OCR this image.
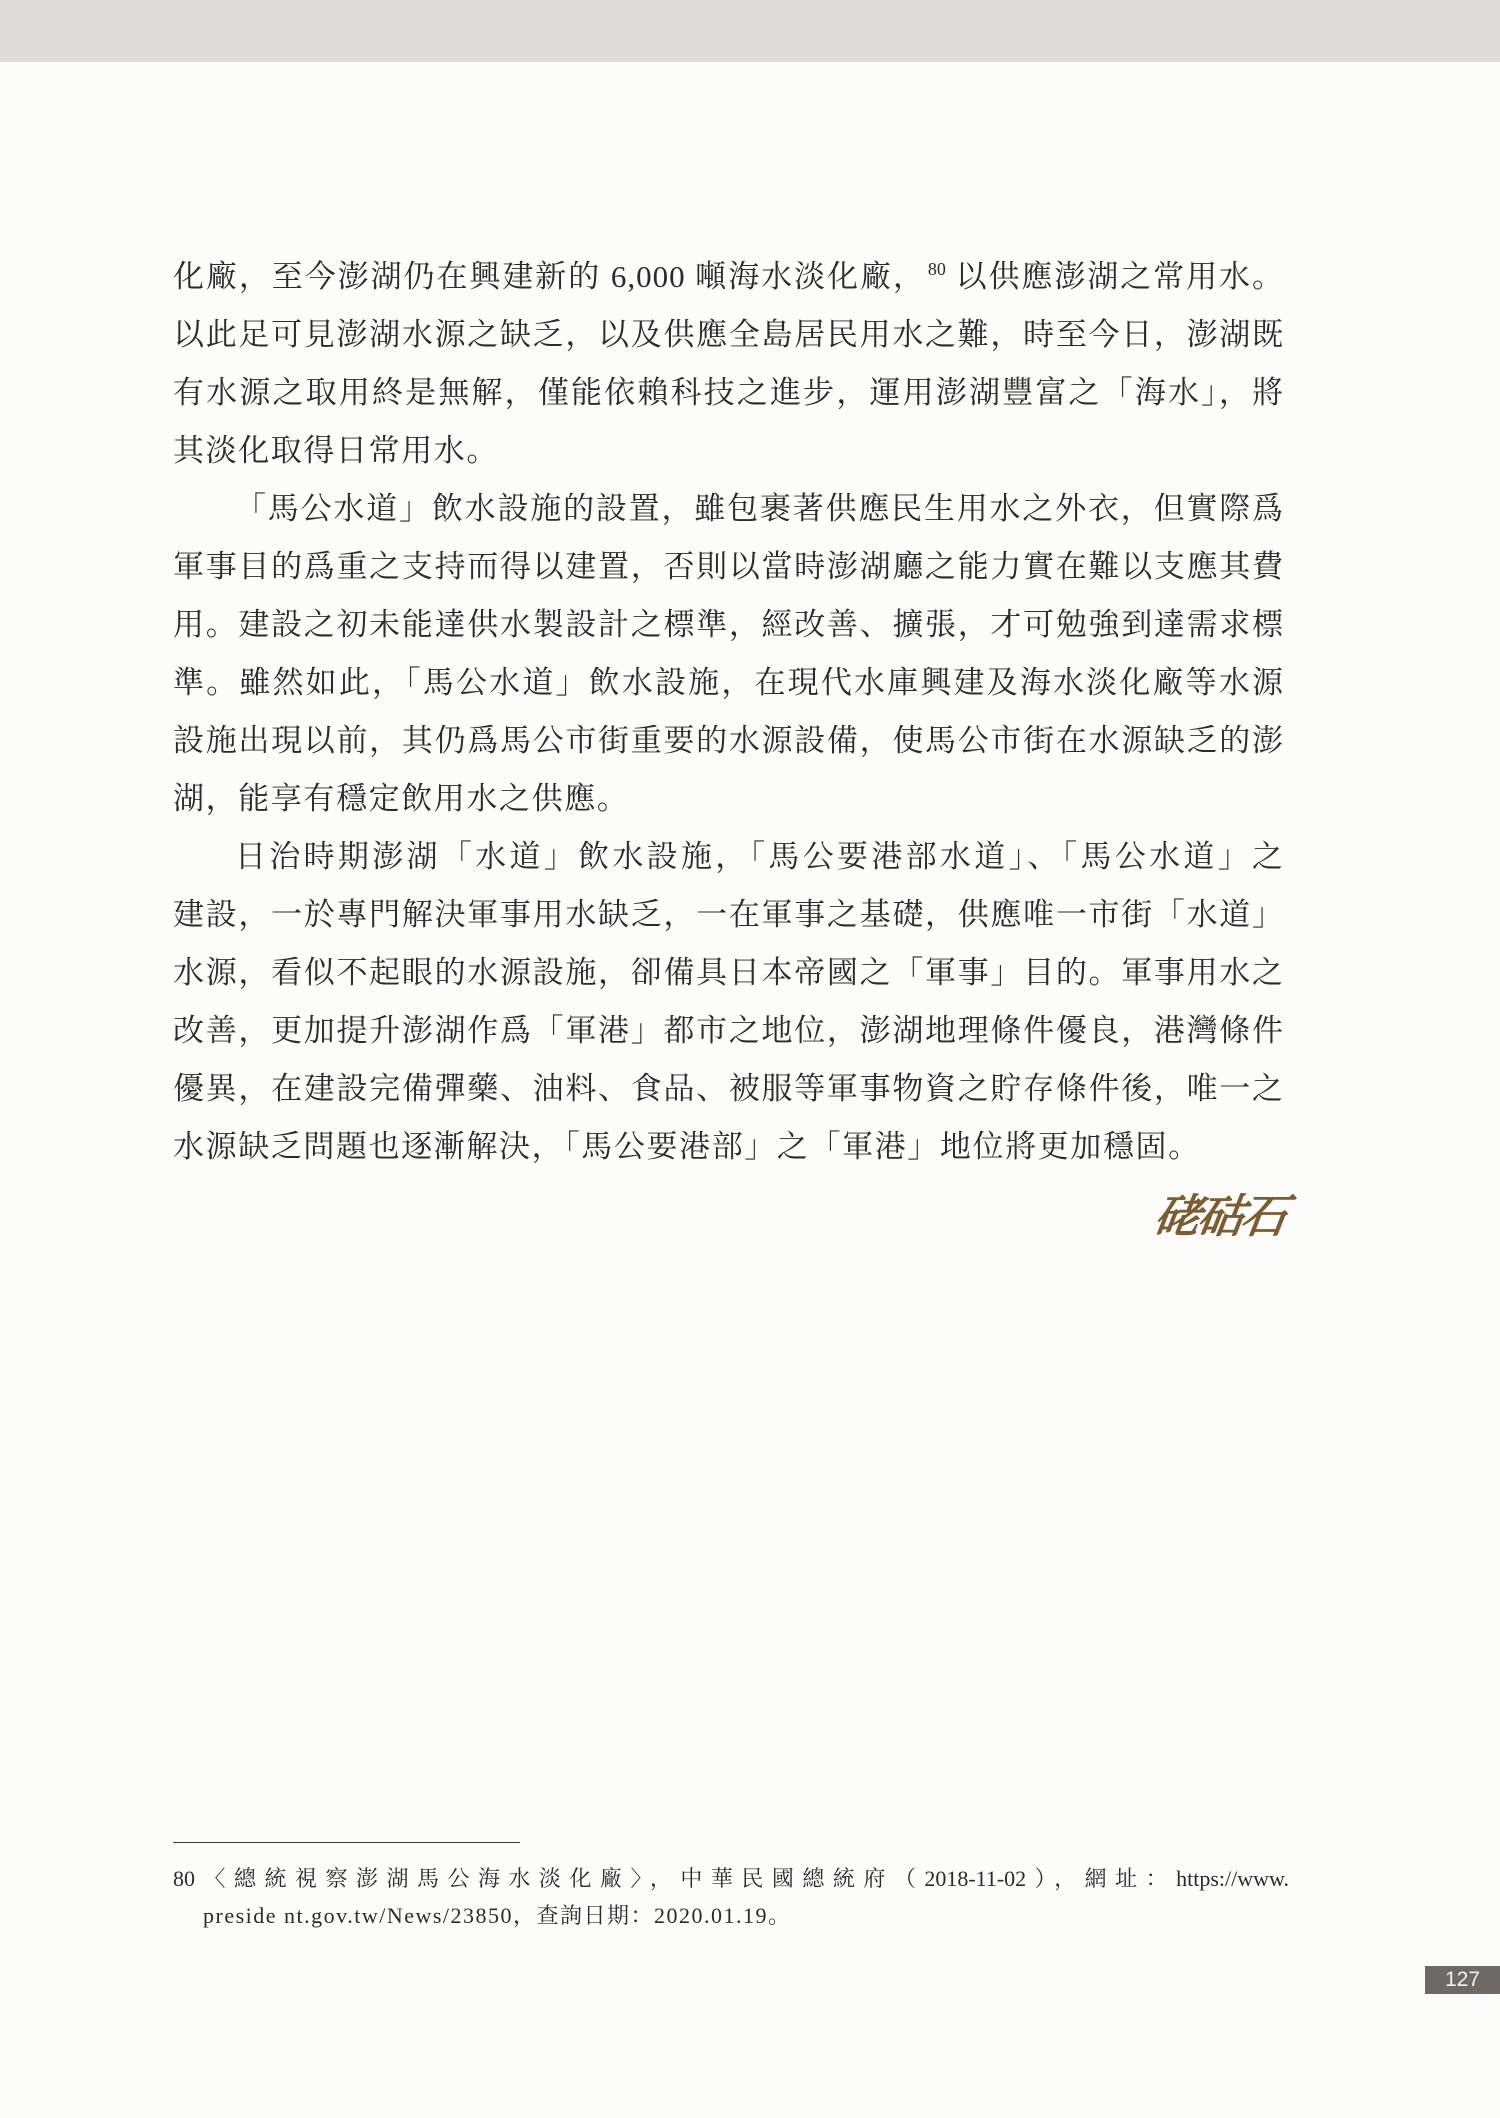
化廠，至今澎湖仍在興建新的 6,000 噸海水淡化廠， $^{80}$ 以供應澎湖之常用水。
以此足可見澎湖水源之缺乏，以及供應全島居民用水之難，時至今日，澎湖既
有水源之取用終是無解，僅能依賴科技之進步，運用澎湖豐富之「海水」，將
其淡化取得日常用水。
「馬公水道」飲水設施的設置，雖包裹著供應民生用水之外衣，但實際爲
軍事目的爲重之支持而得以建置，否則以當時澎湖廳之能力實在難以支應其費
用。建設之初未能達供水製設計之標準，經改善、擴張，才可勉強到達需求標
準。雖然如此，「馬公水道」飲水設施，在現代水庫興建及海水淡化廠等水源
設施出現以前，其仍爲馬公市街重要的水源設備，使馬公市街在水源缺乏的澎
湖，能享有穩定飲用水之供應。
日治時期澎湖「水道」飲水設施，「馬公要港部水道」、「馬公水道」之
建設，一於專門解決軍事用水缺乏，一在軍事之基礎，供應唯一市街「水道」
水源，看似不起眼的水源設施，卻備具日本帝國之「軍事」目的。軍事用水之
改善，更加提升澎湖作爲「軍港」都市之地位，澎湖地理條件優良，港灣條件
優異，在建設完備彈藥、油料、食品、被服等軍事物資之貯存條件後，唯一之
水源缺乏問題也逐漸解決，「馬公要港部」之「軍港」地位將更加穩固。
硓𥑮石
80〈總統視察澎湖馬公海水淡化廠〉，中華民國總統府（2018-11-02），網址：https://www.
preside nt.gov.tw/News/23850，查詢日期：2020.01.19。
127
